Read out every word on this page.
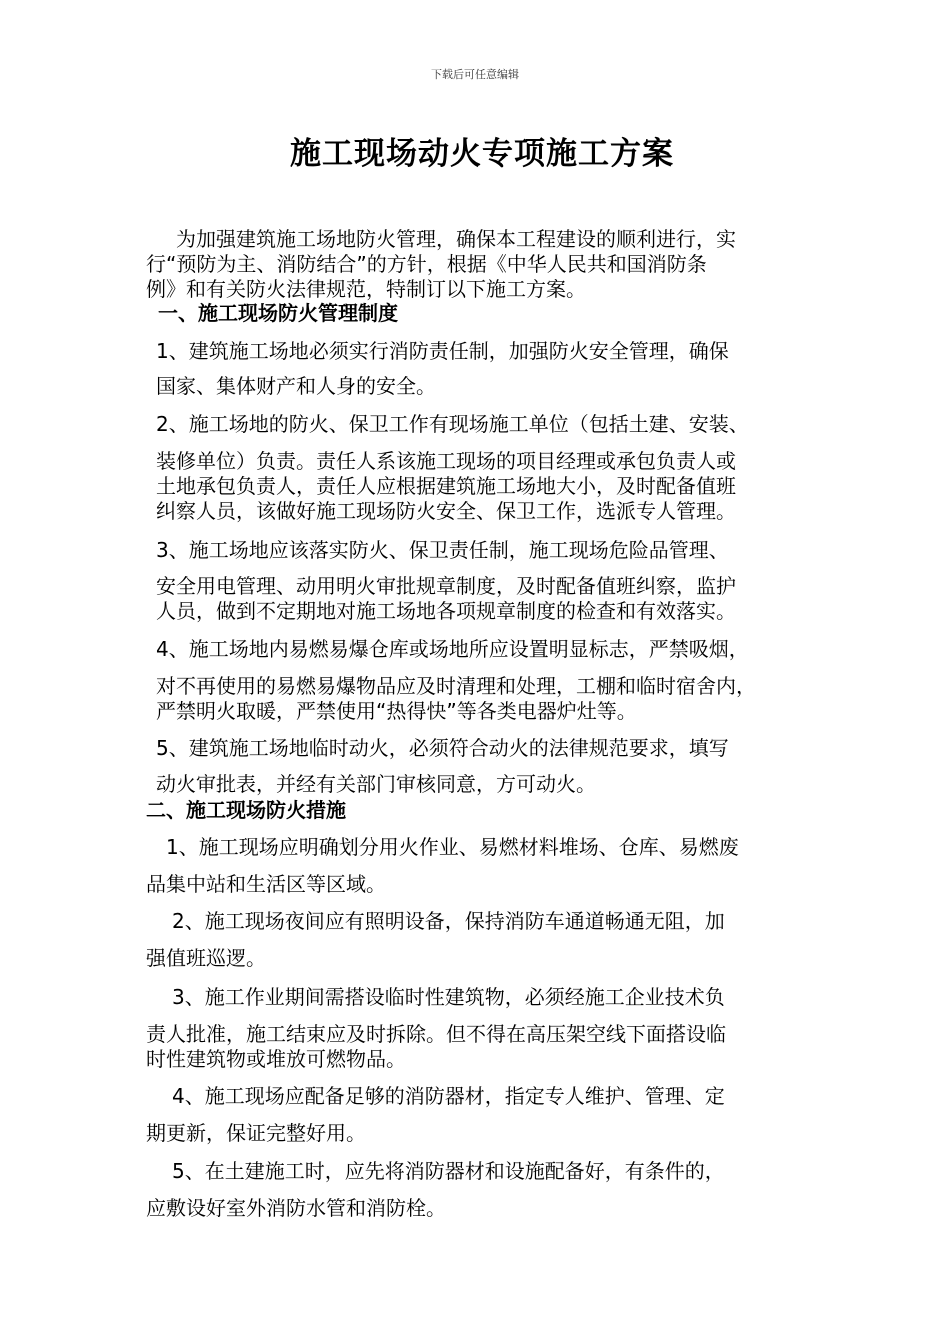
下载后可任意编辑
施工现场动火专项施工方案
为加强建筑施工场地防火管理，确保本工程建设的顺利进行，实
行“预防为主、消防结合”的方针，根据《中华人民共和国消防条
例》和有关防火法律规范，特制订以下施工方案。
一、施工现场防火管理制度
1、建筑施工场地必须实行消防责任制，加强防火安全管理，确保
国家、集体财产和人身的安全。
2、施工场地的防火、保卫工作有现场施工单位（包括土建、安装、
装修单位）负责。责任人系该施工现场的项目经理或承包负责人或
土地承包负责人，责任人应根据建筑施工场地大小，及时配备值班
纠察人员，该做好施工现场防火安全、保卫工作，选派专人管理。
3、施工场地应该落实防火、保卫责任制，施工现场危险品管理、
安全用电管理、动用明火审批规章制度，及时配备值班纠察，监护
人员，做到不定期地对施工场地各项规章制度的检查和有效落实。
4、施工场地内易燃易爆仓库或场地所应设置明显标志，严禁吸烟，
对不再使用的易燃易爆物品应及时清理和处理，工棚和临时宿舍内，
严禁明火取暖，严禁使用“热得快”等各类电器炉灶等。
5、建筑施工场地临时动火，必须符合动火的法律规范要求，填写
动火审批表，并经有关部门审核同意，方可动火。
二、施工现场防火措施
1、施工现场应明确划分用火作业、易燃材料堆场、仓库、易燃废
品集中站和生活区等区域。
2、施工现场夜间应有照明设备，保持消防车通道畅通无阻，加
强值班巡逻。
3、施工作业期间需搭设临时性建筑物，必须经施工企业技术负
责人批准，施工结束应及时拆除。但不得在高压架空线下面搭设临
时性建筑物或堆放可燃物品。
4、施工现场应配备足够的消防器材，指定专人维护、管理、定
期更新，保证完整好用。
5、在土建施工时，应先将消防器材和设施配备好，有条件的，
应敷设好室外消防水管和消防栓。
